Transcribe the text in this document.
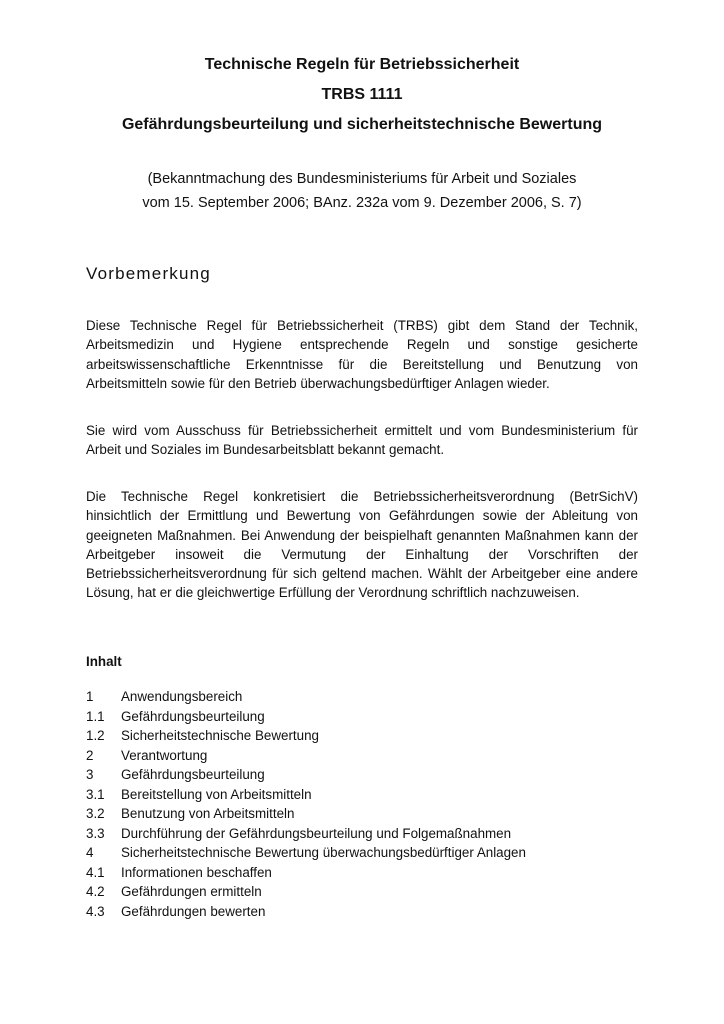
Technische Regeln für Betriebssicherheit
TRBS 1111
Gefährdungsbeurteilung und sicherheitstechnische Bewertung
(Bekanntmachung des Bundesministeriums für Arbeit und Soziales
vom 15. September 2006; BAnz. 232a vom 9. Dezember 2006, S. 7)
Vorbemerkung

Diese Technische Regel für Betriebssicherheit (TRBS) gibt dem Stand der Technik, Arbeitsmedizin und Hygiene entsprechende Regeln und sonstige gesicherte arbeitswissenschaftliche Erkenntnisse für die Bereitstellung und Benutzung von Arbeitsmitteln sowie für den Betrieb überwachungsbedürftiger Anlagen wieder.

Sie wird vom Ausschuss für Betriebssicherheit ermittelt und vom Bundesministerium für Arbeit und Soziales im Bundesarbeitsblatt bekannt gemacht.

Die Technische Regel konkretisiert die Betriebssicherheitsverordnung (BetrSichV) hinsichtlich der Ermittlung und Bewertung von Gefährdungen sowie der Ableitung von geeigneten Maßnahmen. Bei Anwendung der beispielhaft genannten Maßnahmen kann der Arbeitgeber insoweit die Vermutung der Einhaltung der Vorschriften der Betriebssicherheitsverordnung für sich geltend machen. Wählt der Arbeitgeber eine andere Lösung, hat er die gleichwertige Erfüllung der Verordnung schriftlich nachzuweisen.

Inhalt
1	Anwendungsbereich
1.1	Gefährdungsbeurteilung
1.2	Sicherheitstechnische Bewertung
2	Verantwortung
3	Gefährdungsbeurteilung
3.1	Bereitstellung von Arbeitsmitteln
3.2	Benutzung von Arbeitsmitteln
3.3	Durchführung der Gefährdungsbeurteilung und Folgemaßnahmen
4	Sicherheitstechnische Bewertung überwachungsbedürftiger Anlagen
4.1	Informationen beschaffen
4.2	Gefährdungen ermitteln
4.3	Gefährdungen bewerten
